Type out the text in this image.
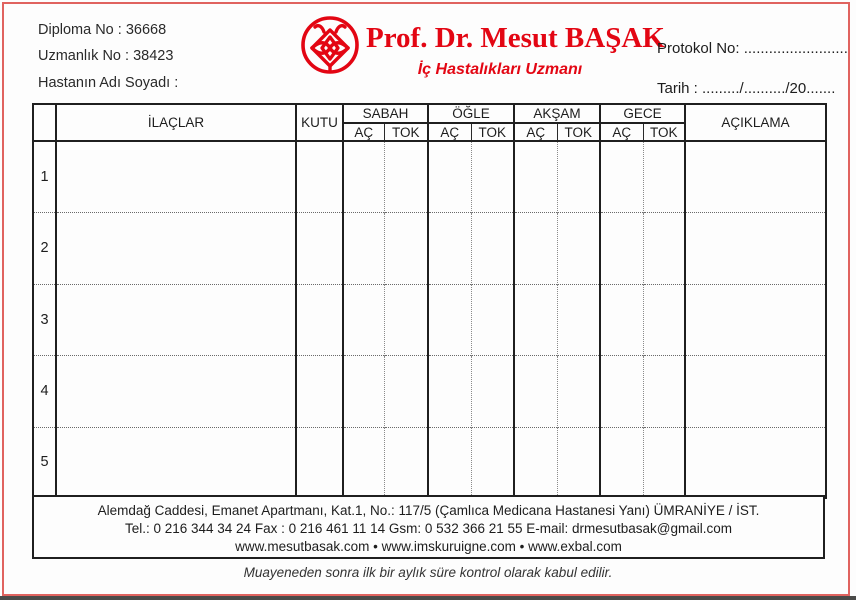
Diploma No : 36668
Uzmanlık No : 38423
Hastanın Adı Soyadı :
Prof. Dr. Mesut BAŞAK
İç Hastalıkları Uzmanı
Protokol No: .........................
Tarih : ........./........../20.......
	İLAÇLAR	KUTU	SABAH		ÖĞLE		AKŞAM		GECE		AÇIKLAMA
			AÇ	TOK	AÇ	TOK	AÇ	TOK	AÇ	TOK	
1											
2											
3											
4											
5											
Alemdağ Caddesi, Emanet Apartmanı, Kat.1, No.: 117/5 (Çamlıca Medicana Hastanesi Yanı) ÜMRANİYE / İST.
Tel.: 0 216 344 34 24 Fax : 0 216 461 11 14 Gsm: 0 532 366 21 55 E-mail: drmesutbasak@gmail.com
www.mesutbasak.com • www.imskuruigne.com • www.exbal.com
Muayeneden sonra ilk bir aylık süre kontrol olarak kabul edilir.
